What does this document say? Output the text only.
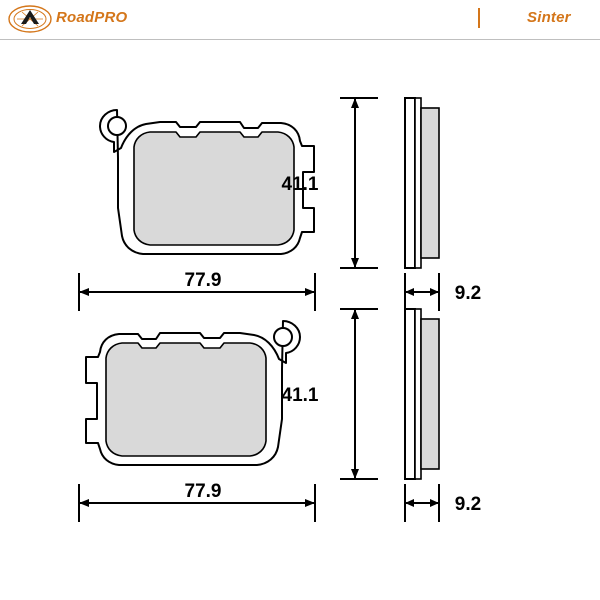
RoadPRO	Sinter
41.1
77.9
9.2
41.1
77.9
9.2
